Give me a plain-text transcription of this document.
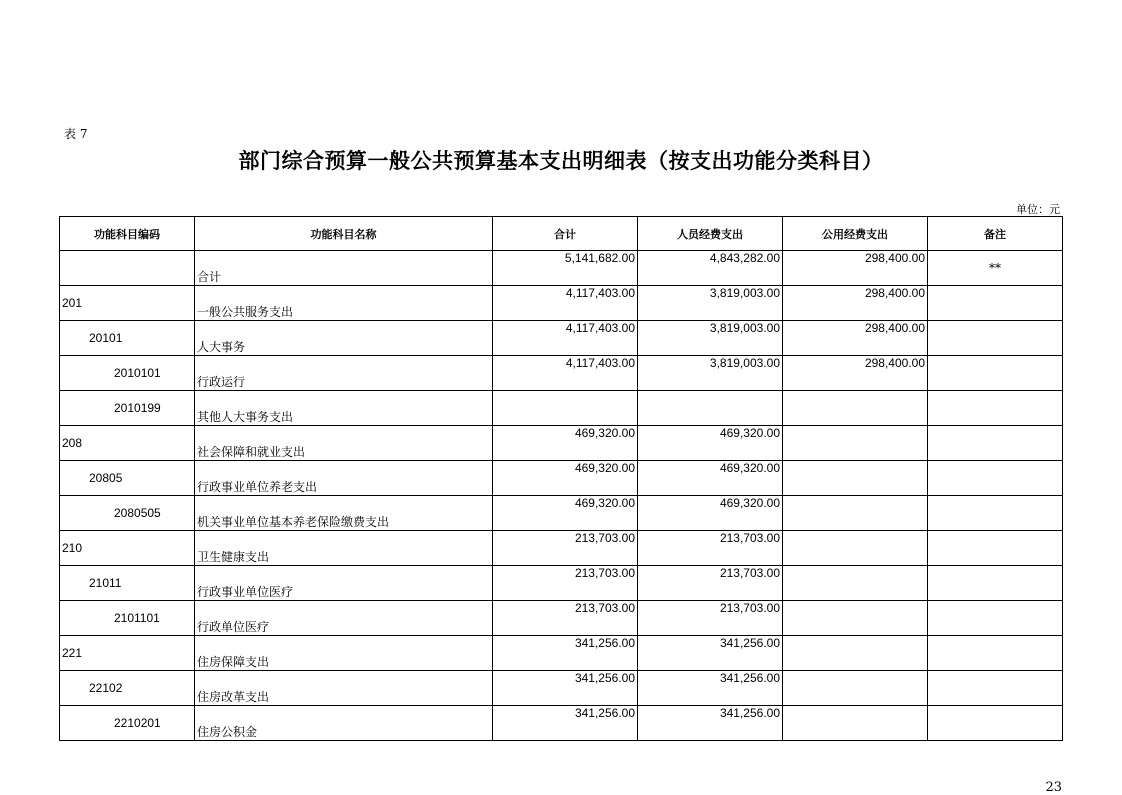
表 7
部门综合预算一般公共预算基本支出明细表（按支出功能分类科目）
单位：元
功能科目编码	功能科目名称	合计	人员经费支出	公用经费支出	备注
	合计	5,141,682.00	4,843,282.00	298,400.00	**
201	一般公共服务支出	4,117,403.00	3,819,003.00	298,400.00	
20101	人大事务	4,117,403.00	3,819,003.00	298,400.00	
2010101	行政运行	4,117,403.00	3,819,003.00	298,400.00	
2010199	其他人大事务支出				
208	社会保障和就业支出	469,320.00	469,320.00		
20805	行政事业单位养老支出	469,320.00	469,320.00		
2080505	机关事业单位基本养老保险缴费支出	469,320.00	469,320.00		
210	卫生健康支出	213,703.00	213,703.00		
21011	行政事业单位医疗	213,703.00	213,703.00		
2101101	行政单位医疗	213,703.00	213,703.00		
221	住房保障支出	341,256.00	341,256.00		
22102	住房改革支出	341,256.00	341,256.00		
2210201	住房公积金	341,256.00	341,256.00		
23
